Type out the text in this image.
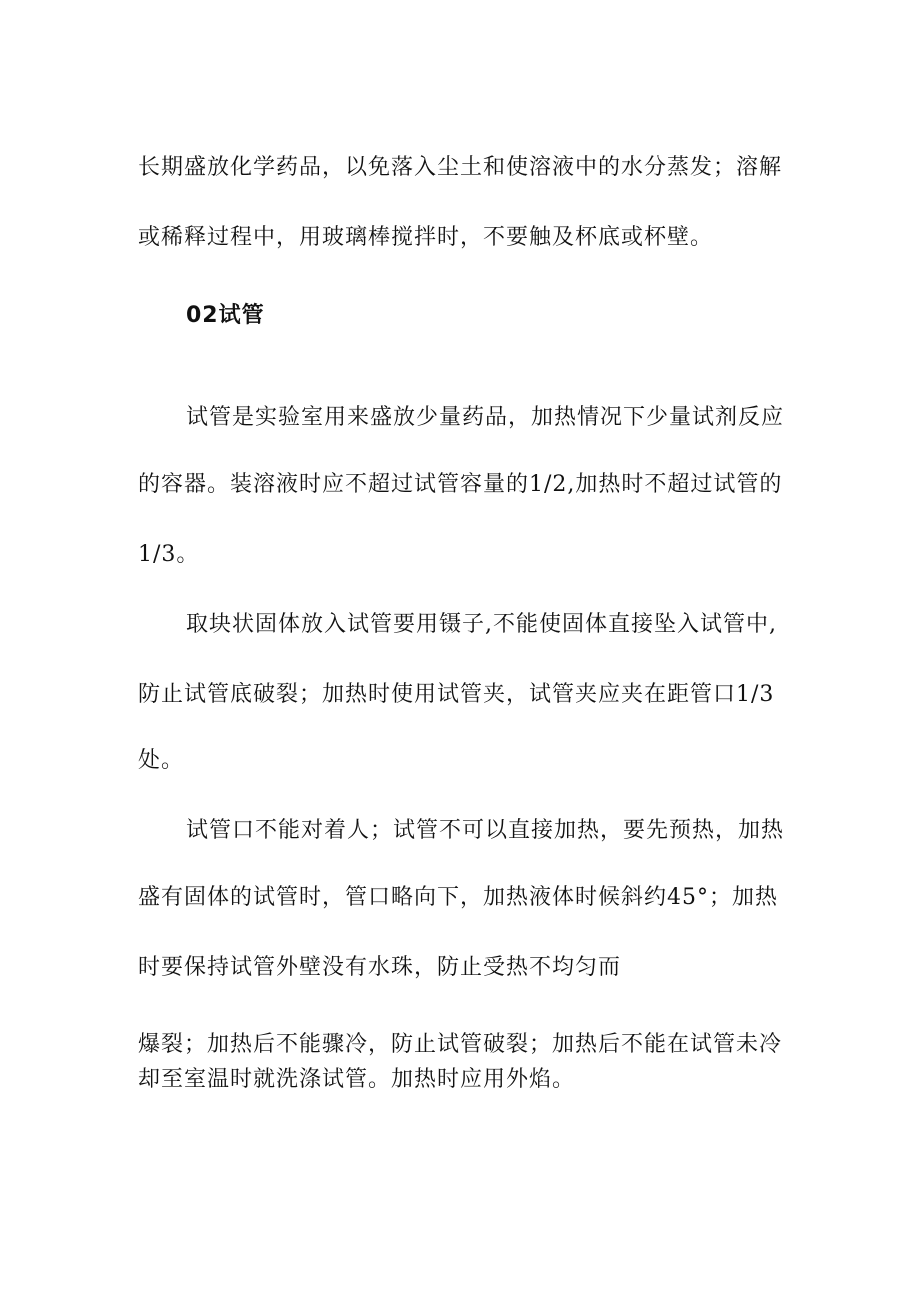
长期盛放化学药品，以免落入尘土和使溶液中的水分蒸发；溶解
或稀释过程中，用玻璃棒搅拌时，不要触及杯底或杯壁。
02试管
试管是实验室用来盛放少量药品，加热情况下少量试剂反应
的容器。装溶液时应不超过试管容量的1/2,加热时不超过试管的
1/3。
取块状固体放入试管要用镊子,不能使固体直接坠入试管中,
防止试管底破裂；加热时使用试管夹，试管夹应夹在距管口1/3
处。
试管口不能对着人；试管不可以直接加热，要先预热，加热
盛有固体的试管时，管口略向下，加热液体时候斜约45°；加热
时要保持试管外壁没有水珠，防止受热不均匀而
爆裂；加热后不能骤冷，防止试管破裂；加热后不能在试管未冷
却至室温时就洗涤试管。加热时应用外焰。
